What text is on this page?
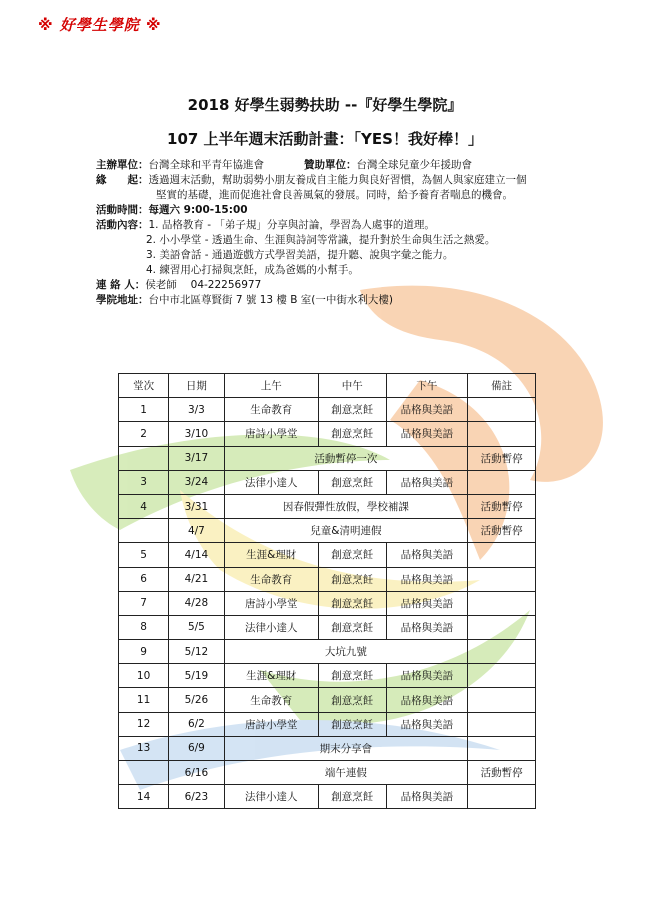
※ 好學生學院 ※
2018 好學生弱勢扶助 --『好學生學院』
107 上半年週末活動計畫：「YES！我好棒！」
主辦單位： 台灣全球和平青年協進會	贊助單位： 台灣全球兒童少年援助會
緣　　起： 透過週末活動，幫助弱勢小朋友養成自主能力與良好習慣，為個人與家庭建立一個
堅實的基礎，進而促進社會良善風氣的發展。同時，給予養育者喘息的機會。
活動時間： 每週六 9:00-15:00
活動內容： 1. 品格教育 - 「弟子規」分享與討論，學習為人處事的道理。
2. 小小學堂 - 透過生命、生涯與詩詞等常識，提升對於生命與生活之熱愛。
3. 美語會話 - 通過遊戲方式學習美語，提升聽、說與字彙之能力。
4. 練習用心打掃與烹飪，成為爸媽的小幫手。
連 絡 人： 侯老師　 04-22256977
學院地址： 台中市北區尊賢街 7 號 13 樓 B 室(一中街水利大樓)
堂次	日期	上午	中午	下午	備註
1	3/3	生命教育	創意烹飪	品格與美語	
2	3/10	唐詩小學堂	創意烹飪	品格與美語	
	3/17	活動暫停一次			活動暫停
3	3/24	法律小達人	創意烹飪	品格與美語	
4	3/31	因春假彈性放假，學校補課			活動暫停
	4/7	兒童&清明連假			活動暫停
5	4/14	生涯&理財	創意烹飪	品格與美語	
6	4/21	生命教育	創意烹飪	品格與美語	
7	4/28	唐詩小學堂	創意烹飪	品格與美語	
8	5/5	法律小達人	創意烹飪	品格與美語	
9	5/12	大坑九號			
10	5/19	生涯&理財	創意烹飪	品格與美語	
11	5/26	生命教育	創意烹飪	品格與美語	
12	6/2	唐詩小學堂	創意烹飪	品格與美語	
13	6/9	期末分享會			
	6/16	端午連假			活動暫停
14	6/23	法律小達人	創意烹飪	品格與美語	
